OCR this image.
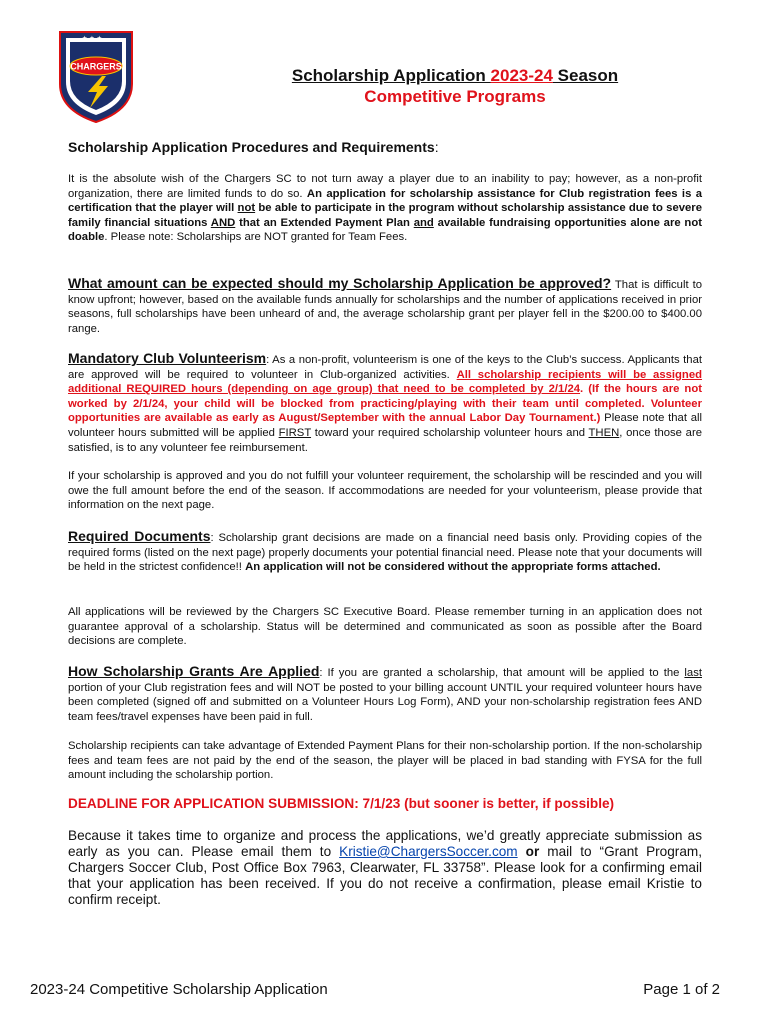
★ ★ ★
CHARGERS	Scholarship Application 2023-24 Season
Competitive Programs
Scholarship Application Procedures and Requirements:

It is the absolute wish of the Chargers SC to not turn away a player due to an inability to pay; however, as a non-profit organization, there are limited funds to do so. An application for scholarship assistance for Club registration fees is a certification that the player will not be able to participate in the program without scholarship assistance due to severe family financial situations AND that an Extended Payment Plan and available fundraising opportunities alone are not doable. Please note: Scholarships are NOT granted for Team Fees.

What amount can be expected should my Scholarship Application be approved? That is difficult to know upfront; however, based on the available funds annually for scholarships and the number of applications received in prior seasons, full scholarships have been unheard of and, the average scholarship grant per player fell in the $200.00 to $400.00 range.

Mandatory Club Volunteerism: As a non-profit, volunteerism is one of the keys to the Club’s success. Applicants that are approved will be required to volunteer in Club-organized activities. All scholarship recipients will be assigned additional REQUIRED hours (depending on age group) that need to be completed by 2/1/24. (If the hours are not worked by 2/1/24, your child will be blocked from practicing/playing with their team until completed. Volunteer opportunities are available as early as August/September with the annual Labor Day Tournament.) Please note that all volunteer hours submitted will be applied FIRST toward your required scholarship volunteer hours and THEN, once those are satisfied, is to any volunteer fee reimbursement.

If your scholarship is approved and you do not fulfill your volunteer requirement, the scholarship will be rescinded and you will owe the full amount before the end of the season. If accommodations are needed for your volunteerism, please provide that information on the next page.

Required Documents: Scholarship grant decisions are made on a financial need basis only. Providing copies of the required forms (listed on the next page) properly documents your potential financial need. Please note that your documents will be held in the strictest confidence!! An application will not be considered without the appropriate forms attached.

All applications will be reviewed by the Chargers SC Executive Board. Please remember turning in an application does not guarantee approval of a scholarship. Status will be determined and communicated as soon as possible after the Board decisions are complete.

How Scholarship Grants Are Applied: If you are granted a scholarship, that amount will be applied to the last portion of your Club registration fees and will NOT be posted to your billing account UNTIL your required volunteer hours have been completed (signed off and submitted on a Volunteer Hours Log Form), AND your non-scholarship registration fees AND team fees/travel expenses have been paid in full.

Scholarship recipients can take advantage of Extended Payment Plans for their non-scholarship portion. If the non-scholarship fees and team fees are not paid by the end of the season, the player will be placed in bad standing with FYSA for the full amount including the scholarship portion.
DEADLINE FOR APPLICATION SUBMISSION: 7/1/23 (but sooner is better, if possible)

Because it takes time to organize and process the applications, we’d greatly appreciate submission as early as you can. Please email them to Kristie@ChargersSoccer.com or mail to “Grant Program, Chargers Soccer Club, Post Office Box 7963, Clearwater, FL 33758”. Please look for a confirming email that your application has been received. If you do not receive a confirmation, please email Kristie to confirm receipt.

2023-24 Competitive Scholarship Application	Page 1 of 2
